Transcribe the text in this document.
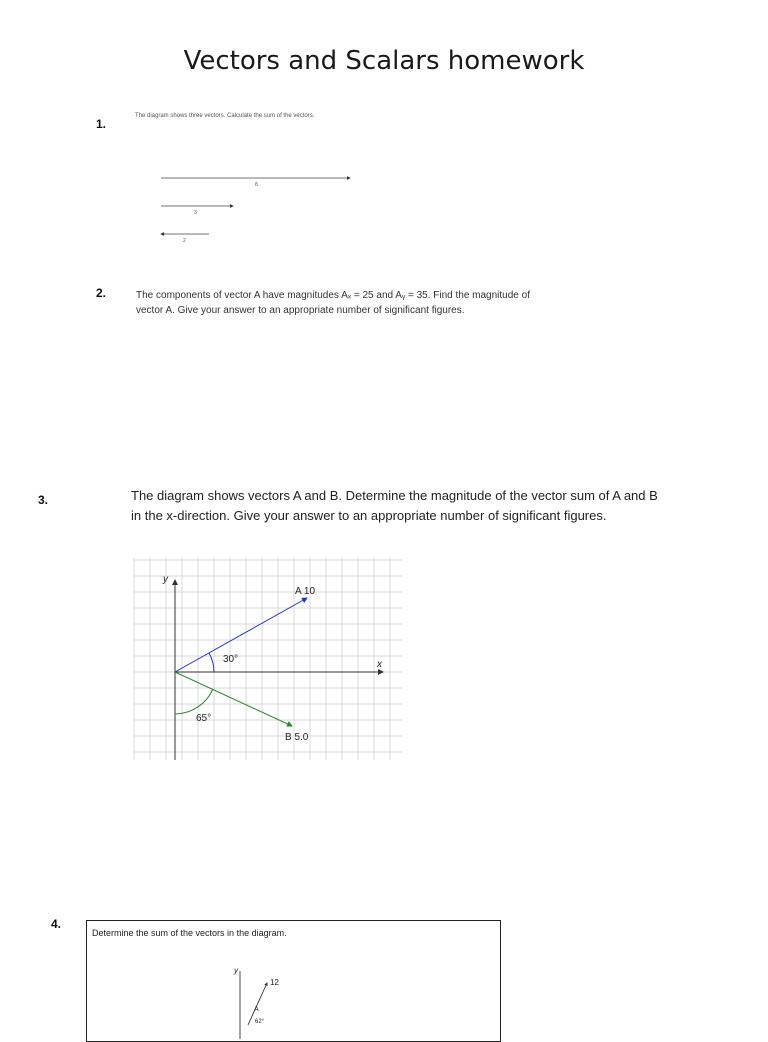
Vectors and Scalars homework
1.
The diagram shows three vectors. Calculate the sum of the vectors.
8
3
2
2.	The components of vector A have magnitudes Aₓ = 25 and Aᵧ = 35. Find the magnitude of
vector A. Give your answer to an appropriate number of significant figures.
3.	The diagram shows vectors A and B. Determine the magnitude of the vector sum of A and B
in the x-direction. Give your answer to an appropriate number of significant figures.
y
x
30°
65°
A 10
B 5.0
4.
Determine the sum of the vectors in the diagram.
y
12
A
62°
